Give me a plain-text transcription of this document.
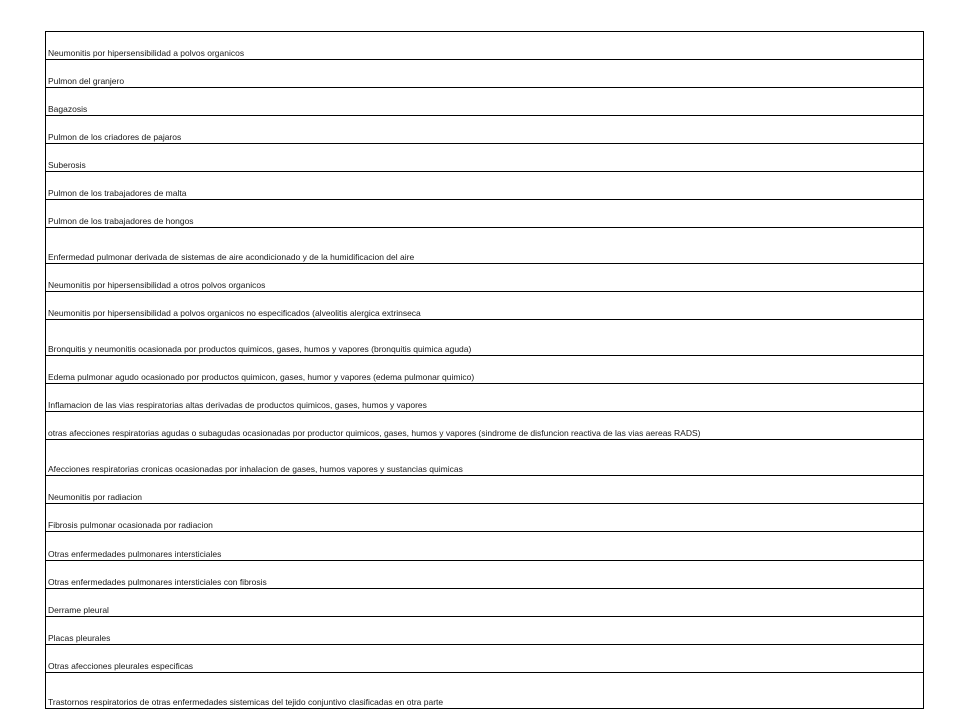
Neumonitis por hipersensibilidad a polvos organicos
Pulmon del granjero
Bagazosis
Pulmon de los criadores de pajaros
Suberosis
Pulmon de los trabajadores de malta
Pulmon de los trabajadores de hongos
Enfermedad pulmonar derivada de sistemas de aire acondicionado y de la humidificacion del aire
Neumonitis por hipersensibilidad a otros polvos organicos
Neumonitis por hipersensibilidad a polvos organicos no especificados (alveolitis alergica extrinseca
Bronquitis y neumonitis ocasionada por productos quimicos, gases, humos y vapores (bronquitis quimica aguda)
Edema pulmonar agudo ocasionado por productos quimicon, gases, humor y vapores (edema pulmonar quimico)
Inflamacion de las vias respiratorias altas derivadas de productos quimicos, gases, humos y vapores
otras afecciones respiratorias agudas o subagudas ocasionadas por productor quimicos, gases, humos y vapores (sindrome de disfuncion reactiva de las vias aereas RADS)
Afecciones respiratorias cronicas ocasionadas por inhalacion de gases, humos vapores y sustancias quimicas
Neumonitis por radiacion
Fibrosis pulmonar ocasionada por radiacion
Otras enfermedades pulmonares intersticiales
Otras enfermedades pulmonares intersticiales con fibrosis
Derrame pleural
Placas pleurales
Otras afecciones pleurales especificas
Trastornos respiratorios de otras enfermedades sistemicas del tejido conjuntivo clasificadas en otra parte
